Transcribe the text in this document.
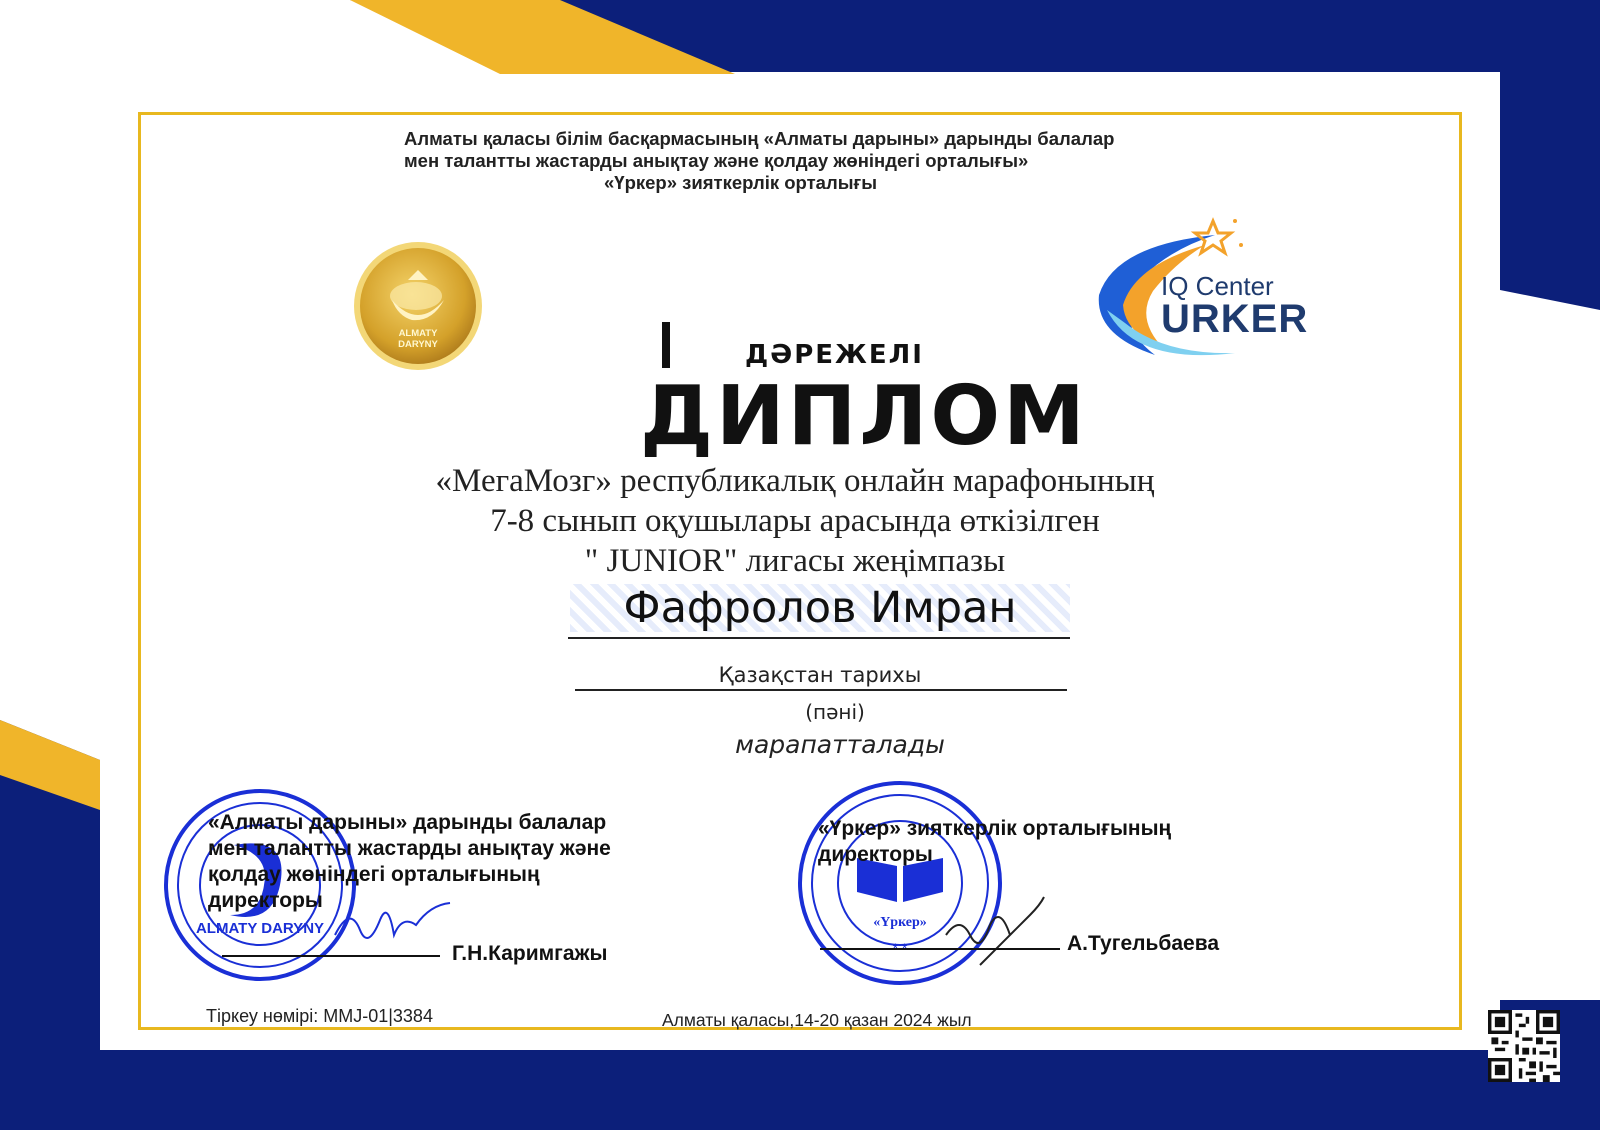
Алматы қаласы білім басқармасының «Алматы дарыны» дарынды балалар
мен талантты жастарды анықтау және қолдау жөніндегі орталығы»
«Үркер» зияткерлік орталығы
ALMATY
DARYNY
IQ Center
URKER
ДӘРЕЖЕЛІ
ДИПЛОМ
«МегаМозг» республикалық онлайн марафонының
7-8 сынып оқушылары арасында өткізілген
" JUNIOR" лигасы жеңімпазы
Фафролов Имран
Қазақстан тарихы
(пәні)
марапатталады
ALMATY DARYNY
«Алматы дарыны» дарынды балалар
мен талантты жастарды анықтау және
қолдау жөніндегі орталығының
директоры
Г.Н.Каримгажы
«Үркер»
«Үркер» зияткерлік орталығының
директоры
А.Тугельбаева
Тіркеу нөмірі: ММJ-01|3384	Алматы қаласы,14-20 қазан 2024 жыл
